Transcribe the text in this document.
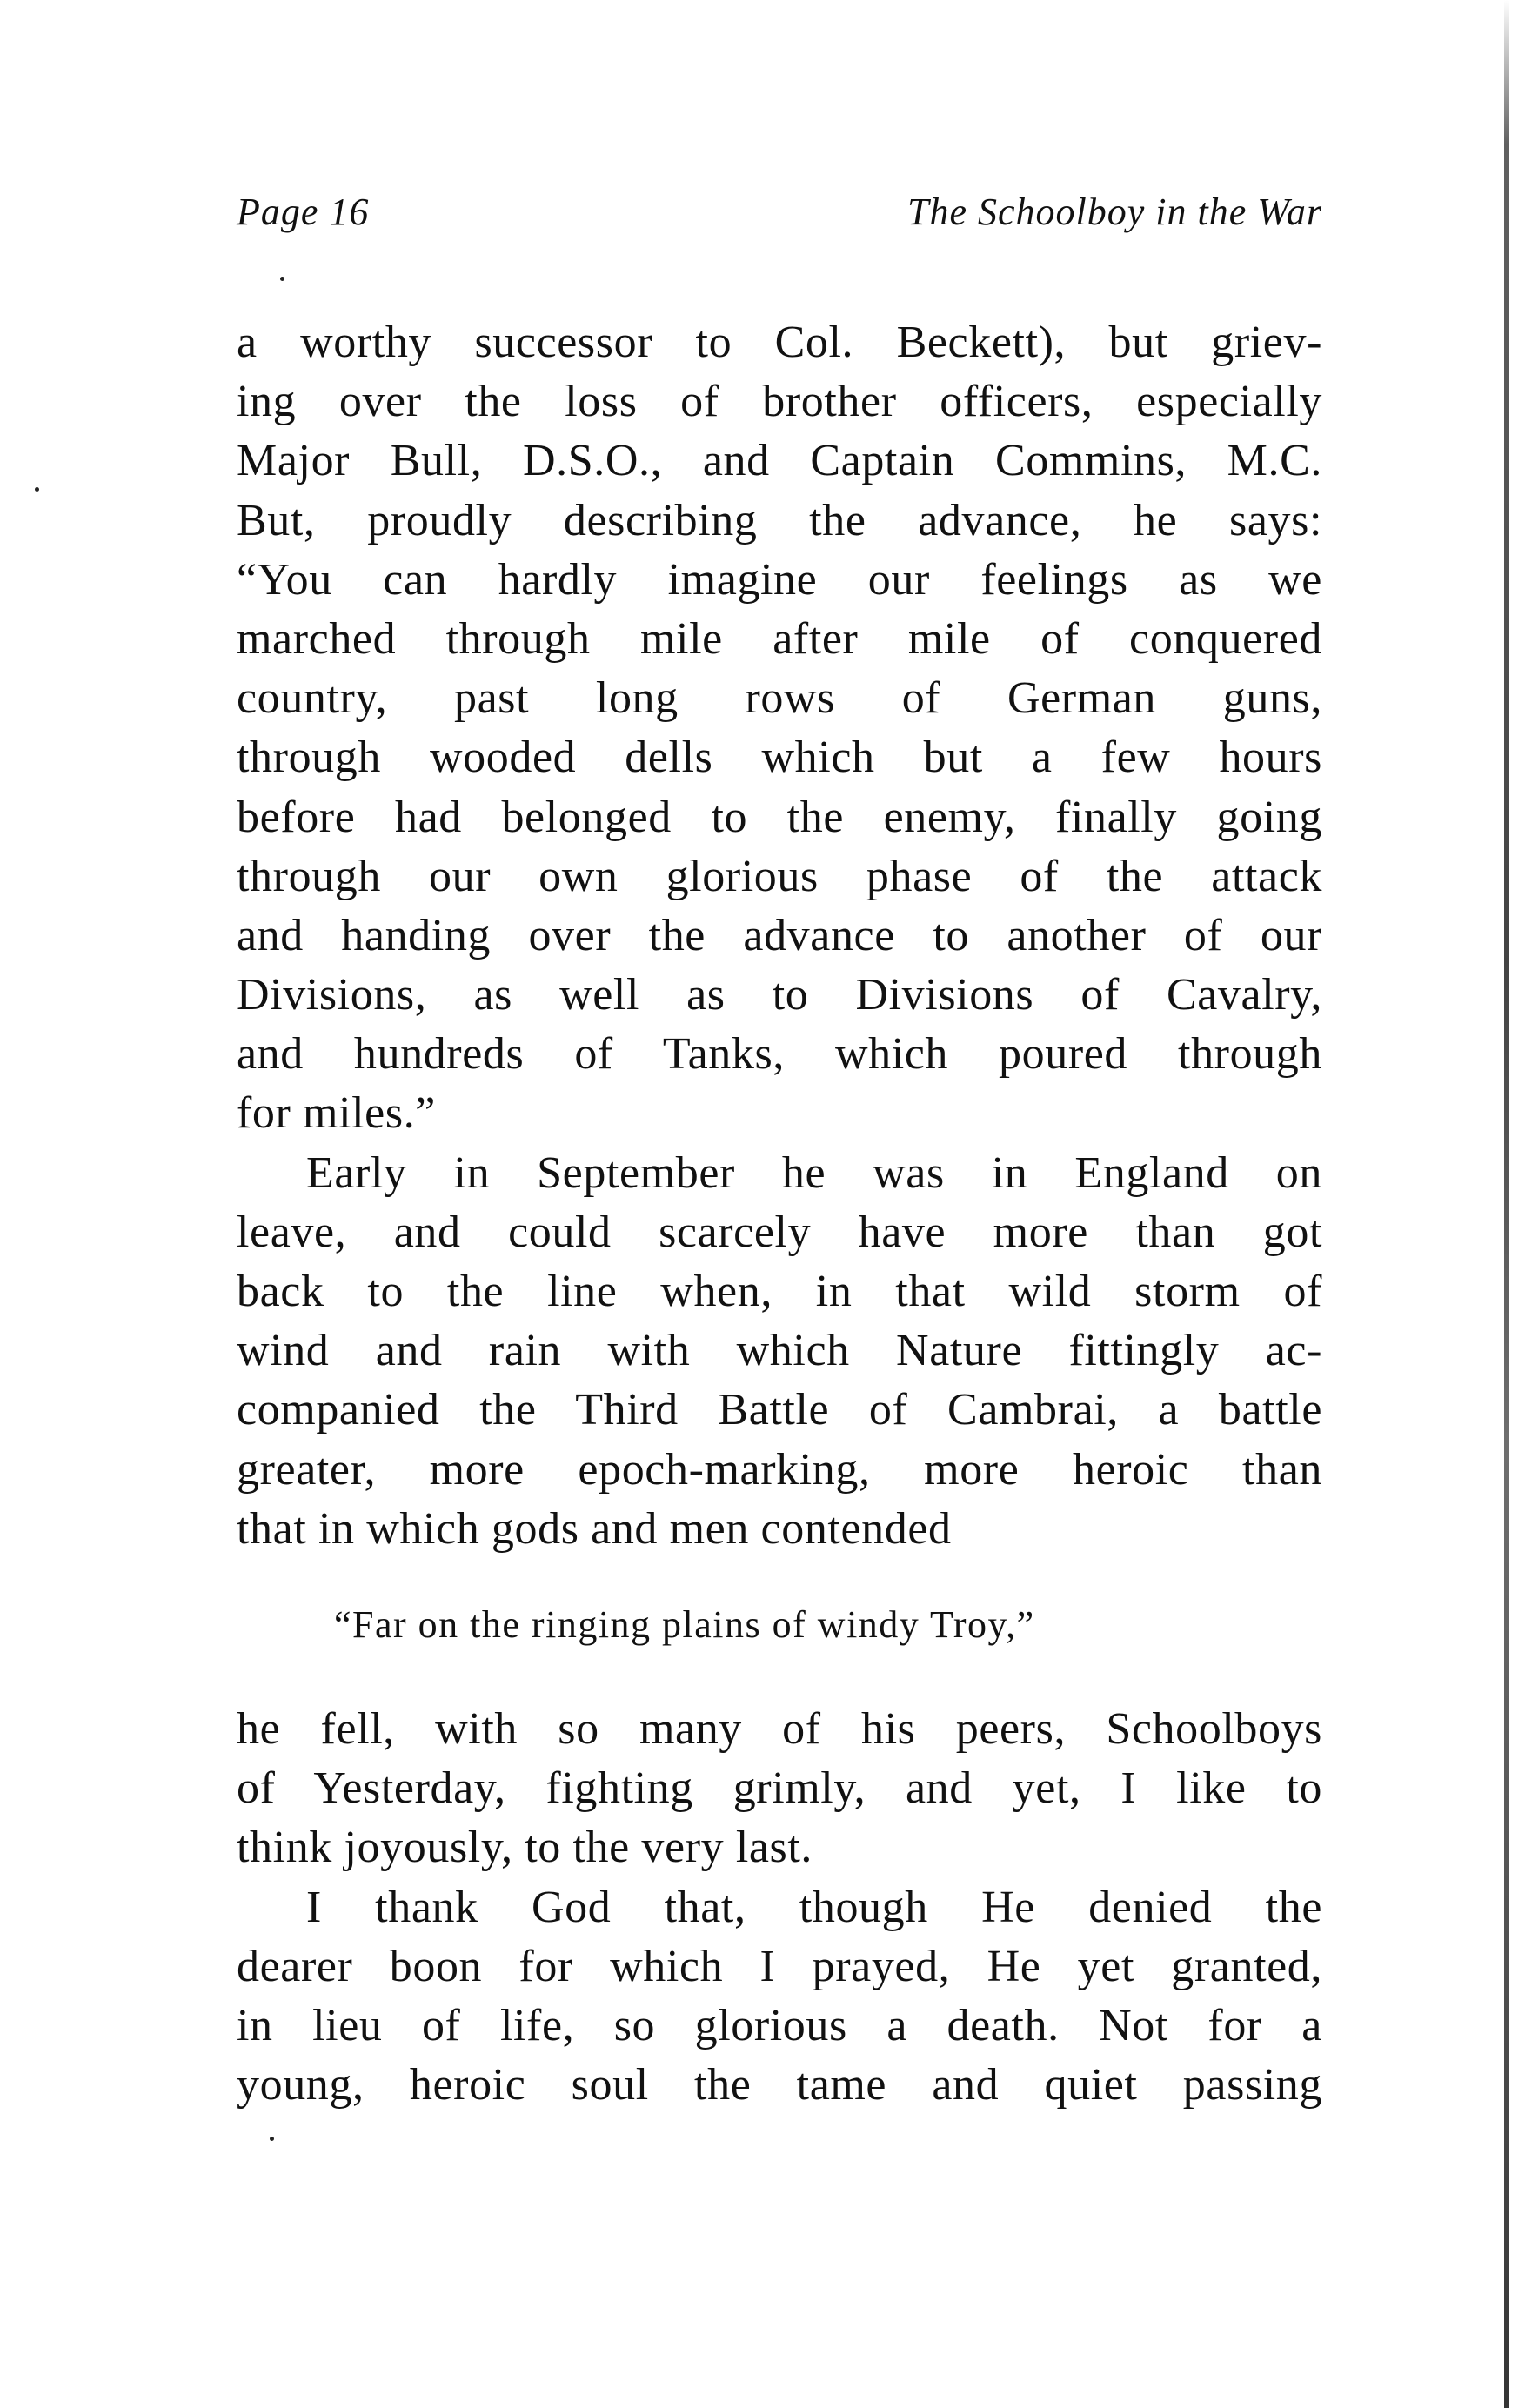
Page 16	The Schoolboy in the War
a worthy successor to Col. Beckett), but griev-
ing over the loss of brother officers, especially
Major Bull, D.S.O., and Captain Commins, M.C.
But, proudly describing the advance, he says:
“You can hardly imagine our feelings as we
marched through mile after mile of conquered
country, past long rows of German guns,
through wooded dells which but a few hours
before had belonged to the enemy, finally going
through our own glorious phase of the attack
and handing over the advance to another of our
Divisions, as well as to Divisions of Cavalry,
and hundreds of Tanks, which poured through
for miles.”
Early in September he was in England on
leave, and could scarcely have more than got
back to the line when, in that wild storm of
wind and rain with which Nature fittingly ac-
companied the Third Battle of Cambrai, a battle
greater, more epoch-marking, more heroic than
that in which gods and men contended
“Far on the ringing plains of windy Troy,”
he fell, with so many of his peers, Schoolboys
of Yesterday, fighting grimly, and yet, I like to
think joyously, to the very last.
I thank God that, though He denied the
dearer boon for which I prayed, He yet granted,
in lieu of life, so glorious a death. Not for a
young, heroic soul the tame and quiet passing
